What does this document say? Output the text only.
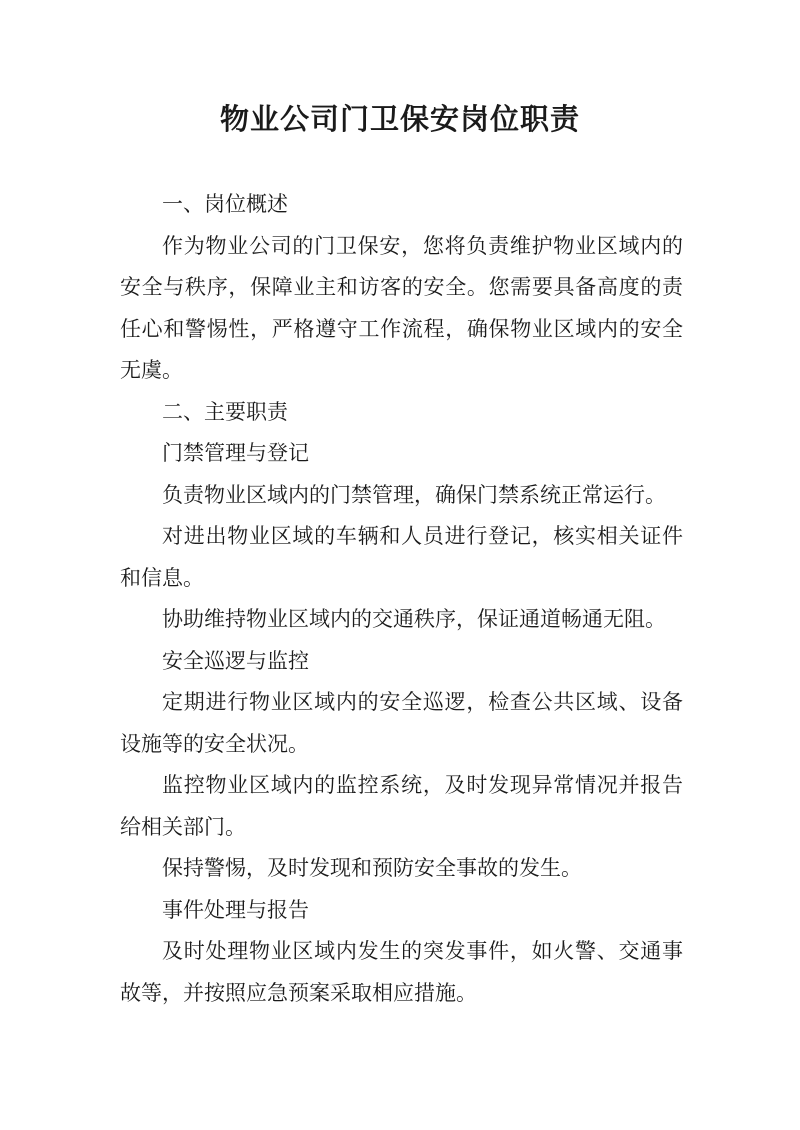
物业公司门卫保安岗位职责

一、岗位概述

作为物业公司的门卫保安，您将负责维护物业区域内的安全与秩序，保障业主和访客的安全。您需要具备高度的责任心和警惕性，严格遵守工作流程，确保物业区域内的安全无虞。

二、主要职责

门禁管理与登记

负责物业区域内的门禁管理，确保门禁系统正常运行。

对进出物业区域的车辆和人员进行登记，核实相关证件和信息。

协助维持物业区域内的交通秩序，保证通道畅通无阻。

安全巡逻与监控

定期进行物业区域内的安全巡逻，检查公共区域、设备设施等的安全状况。

监控物业区域内的监控系统，及时发现异常情况并报告给相关部门。

保持警惕，及时发现和预防安全事故的发生。

事件处理与报告

及时处理物业区域内发生的突发事件，如火警、交通事故等，并按照应急预案采取相应措施。
